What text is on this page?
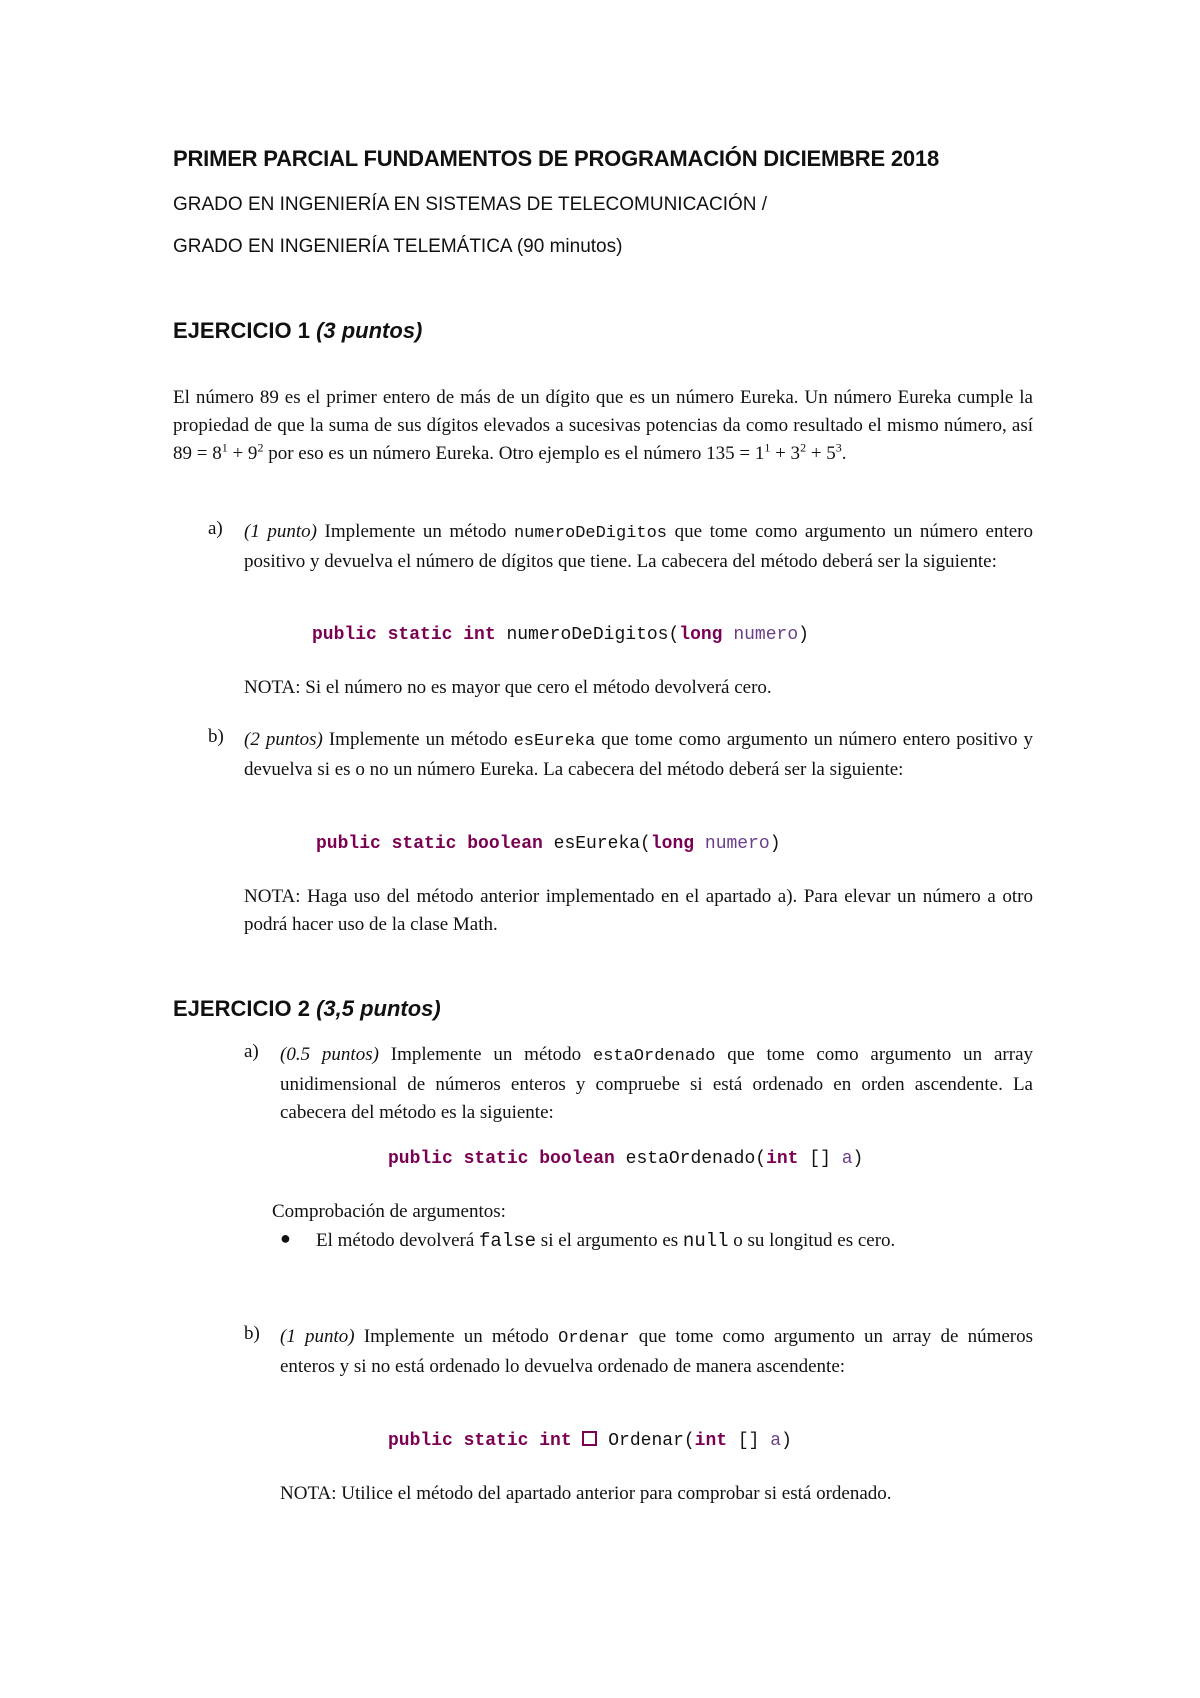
PRIMER PARCIAL FUNDAMENTOS DE PROGRAMACIÓN DICIEMBRE 2018
GRADO EN INGENIERÍA EN SISTEMAS DE TELECOMUNICACIÓN /
GRADO EN INGENIERÍA TELEMÁTICA (90 minutos)
EJERCICIO 1 (3 puntos)
El número 89 es el primer entero de más de un dígito que es un número Eureka. Un número Eureka cumple la propiedad de que la suma de sus dígitos elevados a sucesivas potencias da como resultado el mismo número, así $89 = 8^1 + 9^2$ por eso es un número Eureka. Otro ejemplo es el número $135 = 1^1 + 3^2 + 5^3$.
a) (1 punto) Implemente un método numeroDeDigitos que tome como argumento un número entero positivo y devuelva el número de dígitos que tiene. La cabecera del método deberá ser la siguiente:
public static int numeroDeDigitos(long numero)
NOTA: Si el número no es mayor que cero el método devolverá cero.
b) (2 puntos) Implemente un método esEureka que tome como argumento un número entero positivo y devuelva si es o no un número Eureka. La cabecera del método deberá ser la siguiente:
public static boolean esEureka(long numero)
NOTA: Haga uso del método anterior implementado en el apartado a). Para elevar un número a otro podrá hacer uso de la clase Math.
EJERCICIO 2 (3,5 puntos)
a) (0.5 puntos) Implemente un método estaOrdenado que tome como argumento un array unidimensional de números enteros y compruebe si está ordenado en orden ascendente. La cabecera del método es la siguiente:
public static boolean estaOrdenado(int [] a)
Comprobación de argumentos:
● El método devolverá false si el argumento es null o su longitud es cero.
b) (1 punto) Implemente un método Ordenar que tome como argumento un array de números enteros y si no está ordenado lo devuelva ordenado de manera ascendente:
public static int  Ordenar(int [] a)
NOTA: Utilice el método del apartado anterior para comprobar si está ordenado.
